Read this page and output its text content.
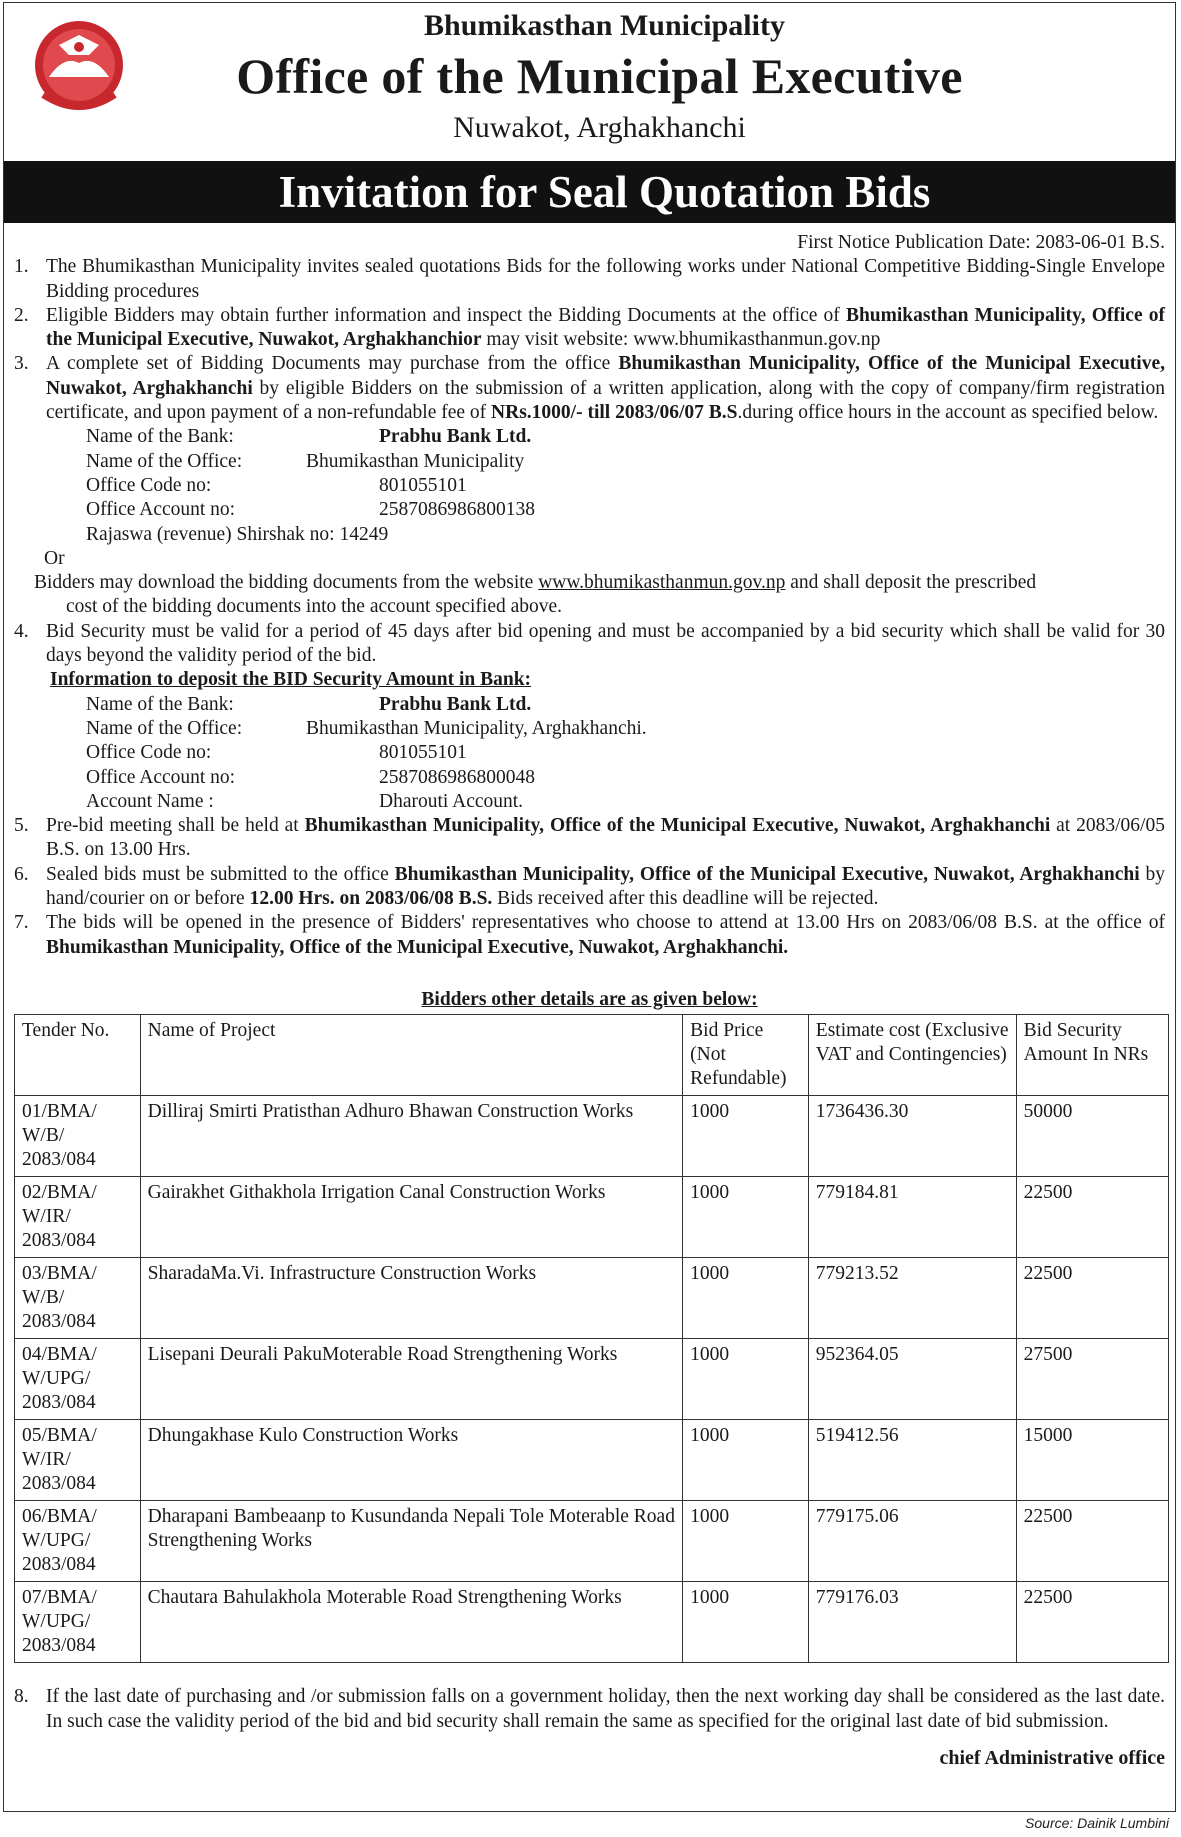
Bhumikasthan Municipality
Office of the Municipal Executive
Nuwakot, Arghakhanchi
Invitation for Seal Quotation Bids
First Notice Publication Date: 2083-06-01 B.S.
1. The Bhumikasthan Municipality invites sealed quotations Bids for the following works under National Competitive Bidding-Single Envelope Bidding procedures
2. Eligible Bidders may obtain further information and inspect the Bidding Documents at the office of Bhumikasthan Municipality, Office of the Municipal Executive, Nuwakot, Arghakhanchior may visit website: www.bhumikasthanmun.gov.np
3. A complete set of Bidding Documents may purchase from the office Bhumikasthan Municipality, Office of the Municipal Executive, Nuwakot, Arghakhanchi by eligible Bidders on the submission of a written application, along with the copy of company/firm registration certificate, and upon payment of a non-refundable fee of NRs.1000/- till 2083/06/07 B.S.during office hours in the account as specified below.
Name of the Bank:	Prabhu Bank Ltd.
Name of the Office:	Bhumikasthan Municipality
Office Code no:	801055101
Office Account no:	2587086986800138
Rajaswa (revenue) Shirshak no:
14249
Or
Bidders may download the bidding documents from the website www.bhumikasthanmun.gov.np and shall deposit the prescribed
cost of the bidding documents into the account specified above.
4. Bid Security must be valid for a period of 45 days after bid opening and must be accompanied by a bid security which shall be valid for 30 days beyond the validity period of the bid.
Information to deposit the BID Security Amount in Bank:
Name of the Bank:	Prabhu Bank Ltd.
Name of the Office:	Bhumikasthan Municipality, Arghakhanchi.
Office Code no:	801055101
Office Account no:	2587086986800048
Account Name :	Dharouti Account.
5. Pre-bid meeting shall be held at Bhumikasthan Municipality, Office of the Municipal Executive, Nuwakot, Arghakhanchi at 2083/06/05 B.S. on 13.00 Hrs.
6. Sealed bids must be submitted to the office Bhumikasthan Municipality, Office of the Municipal Executive, Nuwakot, Arghakhanchi by hand/courier on or before 12.00 Hrs. on 2083/06/08 B.S. Bids received after this deadline will be rejected.
7. The bids will be opened in the presence of Bidders' representatives who choose to attend at 13.00 Hrs on 2083/06/08 B.S. at the office of Bhumikasthan Municipality, Office of the Municipal Executive, Nuwakot, Arghakhanchi.
Bidders other details are as given below:
Tender No.	Name of Project	Bid Price (Not Refundable)	Estimate cost (Exclusive VAT and Contingencies)	Bid Security Amount In NRs
01/BMA/ W/B/ 2083/084	Dilliraj Smirti Pratisthan Adhuro Bhawan Construction Works	1000	1736436.30	50000
02/BMA/ W/IR/ 2083/084	Gairakhet Githakhola Irrigation Canal Construction Works	1000	779184.81	22500
03/BMA/ W/B/ 2083/084	SharadaMa.Vi. Infrastructure Construction Works	1000	779213.52	22500
04/BMA/ W/UPG/ 2083/084	Lisepani Deurali PakuMoterable Road Strengthening Works	1000	952364.05	27500
05/BMA/ W/IR/ 2083/084	Dhungakhase Kulo Construction Works	1000	519412.56	15000
06/BMA/ W/UPG/ 2083/084	Dharapani Bambeaanp to Kusundanda Nepali Tole Moterable Road Strengthening Works	1000	779175.06	22500
07/BMA/ W/UPG/ 2083/084	Chautara Bahulakhola Moterable Road Strengthening Works	1000	779176.03	22500
8. If the last date of purchasing and /or submission falls on a government holiday, then the next working day shall be considered as the last date. In such case the validity period of the bid and bid security shall remain the same as specified for the original last date of bid submission.
chief Administrative office
Source: Dainik Lumbini
